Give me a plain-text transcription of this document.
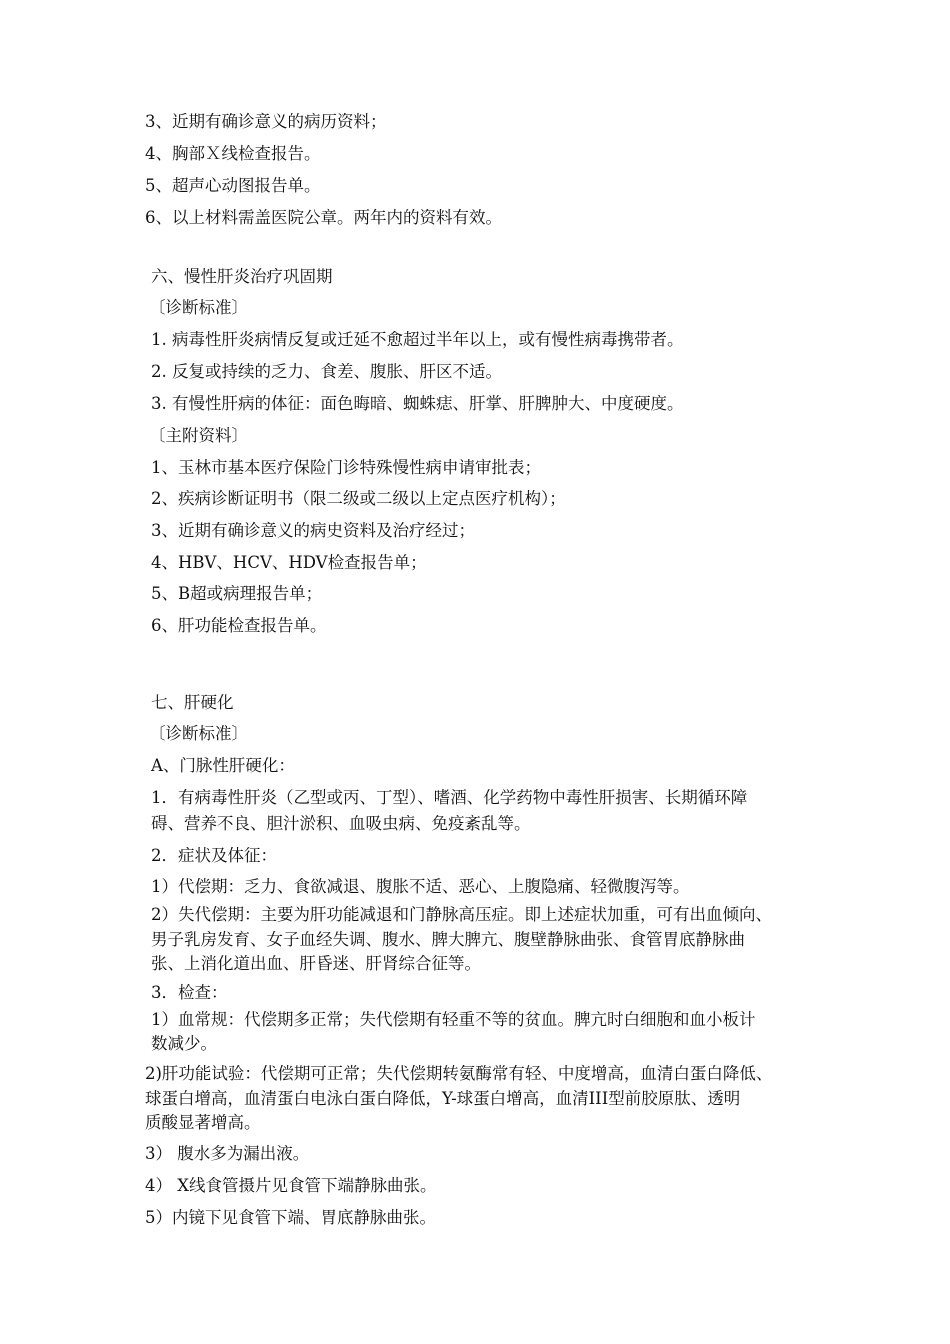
3、近期有确诊意义的病历资料；
4、胸部Ｘ线检查报告。
5、超声心动图报告单。
6、以上材料需盖医院公章。两年内的资料有效。
六、慢性肝炎治疗巩固期
〔诊断标准〕
1. 病毒性肝炎病情反复或迁延不愈超过半年以上，或有慢性病毒携带者。
2. 反复或持续的乏力、食差、腹胀、肝区不适。
3. 有慢性肝病的体征：面色晦暗、蜘蛛痣、肝掌、肝脾肿大、中度硬度。
〔主附资料〕
1、玉林市基本医疗保险门诊特殊慢性病申请审批表；
2、疾病诊断证明书（限二级或二级以上定点医疗机构）；
3、近期有确诊意义的病史资料及治疗经过；
4、HBV、HCV、HDV检查报告单；
5、B超或病理报告单；
6、肝功能检查报告单。
七、肝硬化
〔诊断标准〕
A、门脉性肝硬化：
1．有病毒性肝炎（乙型或丙、丁型）、嗜酒、化学药物中毒性肝损害、长期循环障
碍、营养不良、胆汁淤积、血吸虫病、免疫紊乱等。
2．症状及体征：
1）代偿期：乏力、食欲减退、腹胀不适、恶心、上腹隐痛、轻微腹泻等。
2）失代偿期：主要为肝功能减退和门静脉高压症。即上述症状加重，可有出血倾向、
男子乳房发育、女子血经失调、腹水、脾大脾亢、腹壁静脉曲张、食管胃底静脉曲
张、上消化道出血、肝昏迷、肝肾综合征等。
3．检查：
1）血常规：代偿期多正常；失代偿期有轻重不等的贫血。脾亢时白细胞和血小板计
数减少。
2)肝功能试验：代偿期可正常；失代偿期转氨酶常有轻、中度增高，血清白蛋白降低、
球蛋白增高，血清蛋白电泳白蛋白降低，Y-球蛋白增高，血清III型前胶原肽、透明
质酸显著增高。
3） 腹水多为漏出液。
4） X线食管摄片见食管下端静脉曲张。
5）内镜下见食管下端、胃底静脉曲张。
